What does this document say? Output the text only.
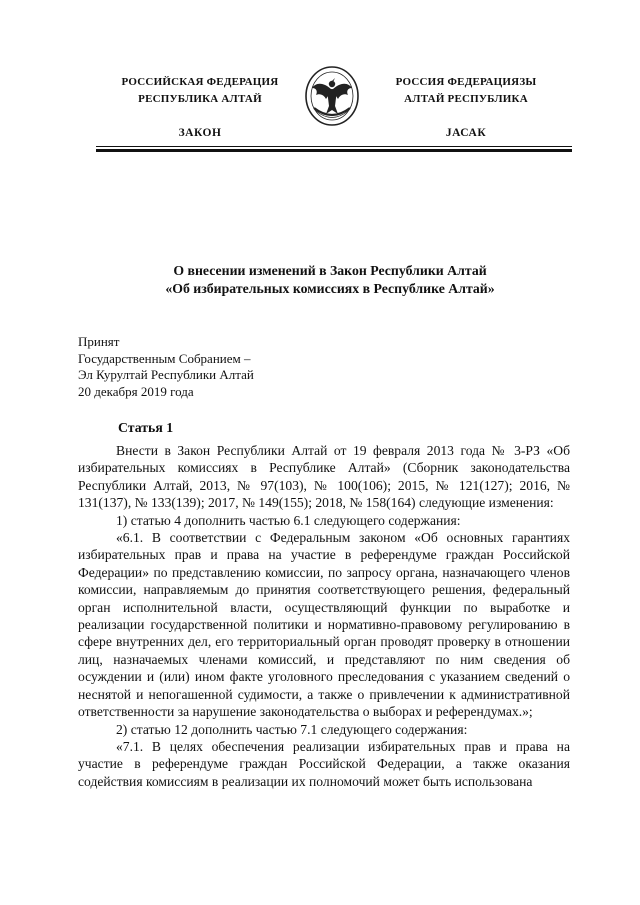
РОССИЙСКАЯ ФЕДЕРАЦИЯ
РЕСПУБЛИКА АЛТАЙ
ЗАКОН
РОССИЯ ФЕДЕРАЦИЯЗЫ
АЛТАЙ РЕСПУБЛИКА
JАСАК
О внесении изменений в Закон Республики Алтай
«Об избирательных комиссиях в Республике Алтай»
Принят
Государственным Собранием –
Эл Курултай Республики Алтай
20 декабря 2019 года
Статья 1

Внести в Закон Республики Алтай от 19 февраля 2013 года № 3-РЗ «Об избирательных комиссиях в Республике Алтай» (Сборник законодательства Республики Алтай, 2013, № 97(103), № 100(106); 2015, № 121(127); 2016, № 131(137), № 133(139); 2017, № 149(155); 2018, № 158(164) следующие изменения:

1) статью 4 дополнить частью 6.1 следующего содержания:

«6.1. В соответствии с Федеральным законом «Об основных гарантиях избирательных прав и права на участие в референдуме граждан Российской Федерации» по представлению комиссии, по запросу органа, назначающего членов комиссии, направляемым до принятия соответствующего решения, федеральный орган исполнительной власти, осуществляющий функции по выработке и реализации государственной политики и нормативно-правовому регулированию в сфере внутренних дел, его территориальный орган проводят проверку в отношении лиц, назначаемых членами комиссий, и представляют по ним сведения об осуждении и (или) ином факте уголовного преследования с указанием сведений о неснятой и непогашенной судимости, а также о привлечении к административной ответственности за нарушение законодательства о выборах и референдумах.»;

2) статью 12 дополнить частью 7.1 следующего содержания:

«7.1. В целях обеспечения реализации избирательных прав и права на участие в референдуме граждан Российской Федерации, а также оказания содействия комиссиям в реализации их полномочий может быть использована
